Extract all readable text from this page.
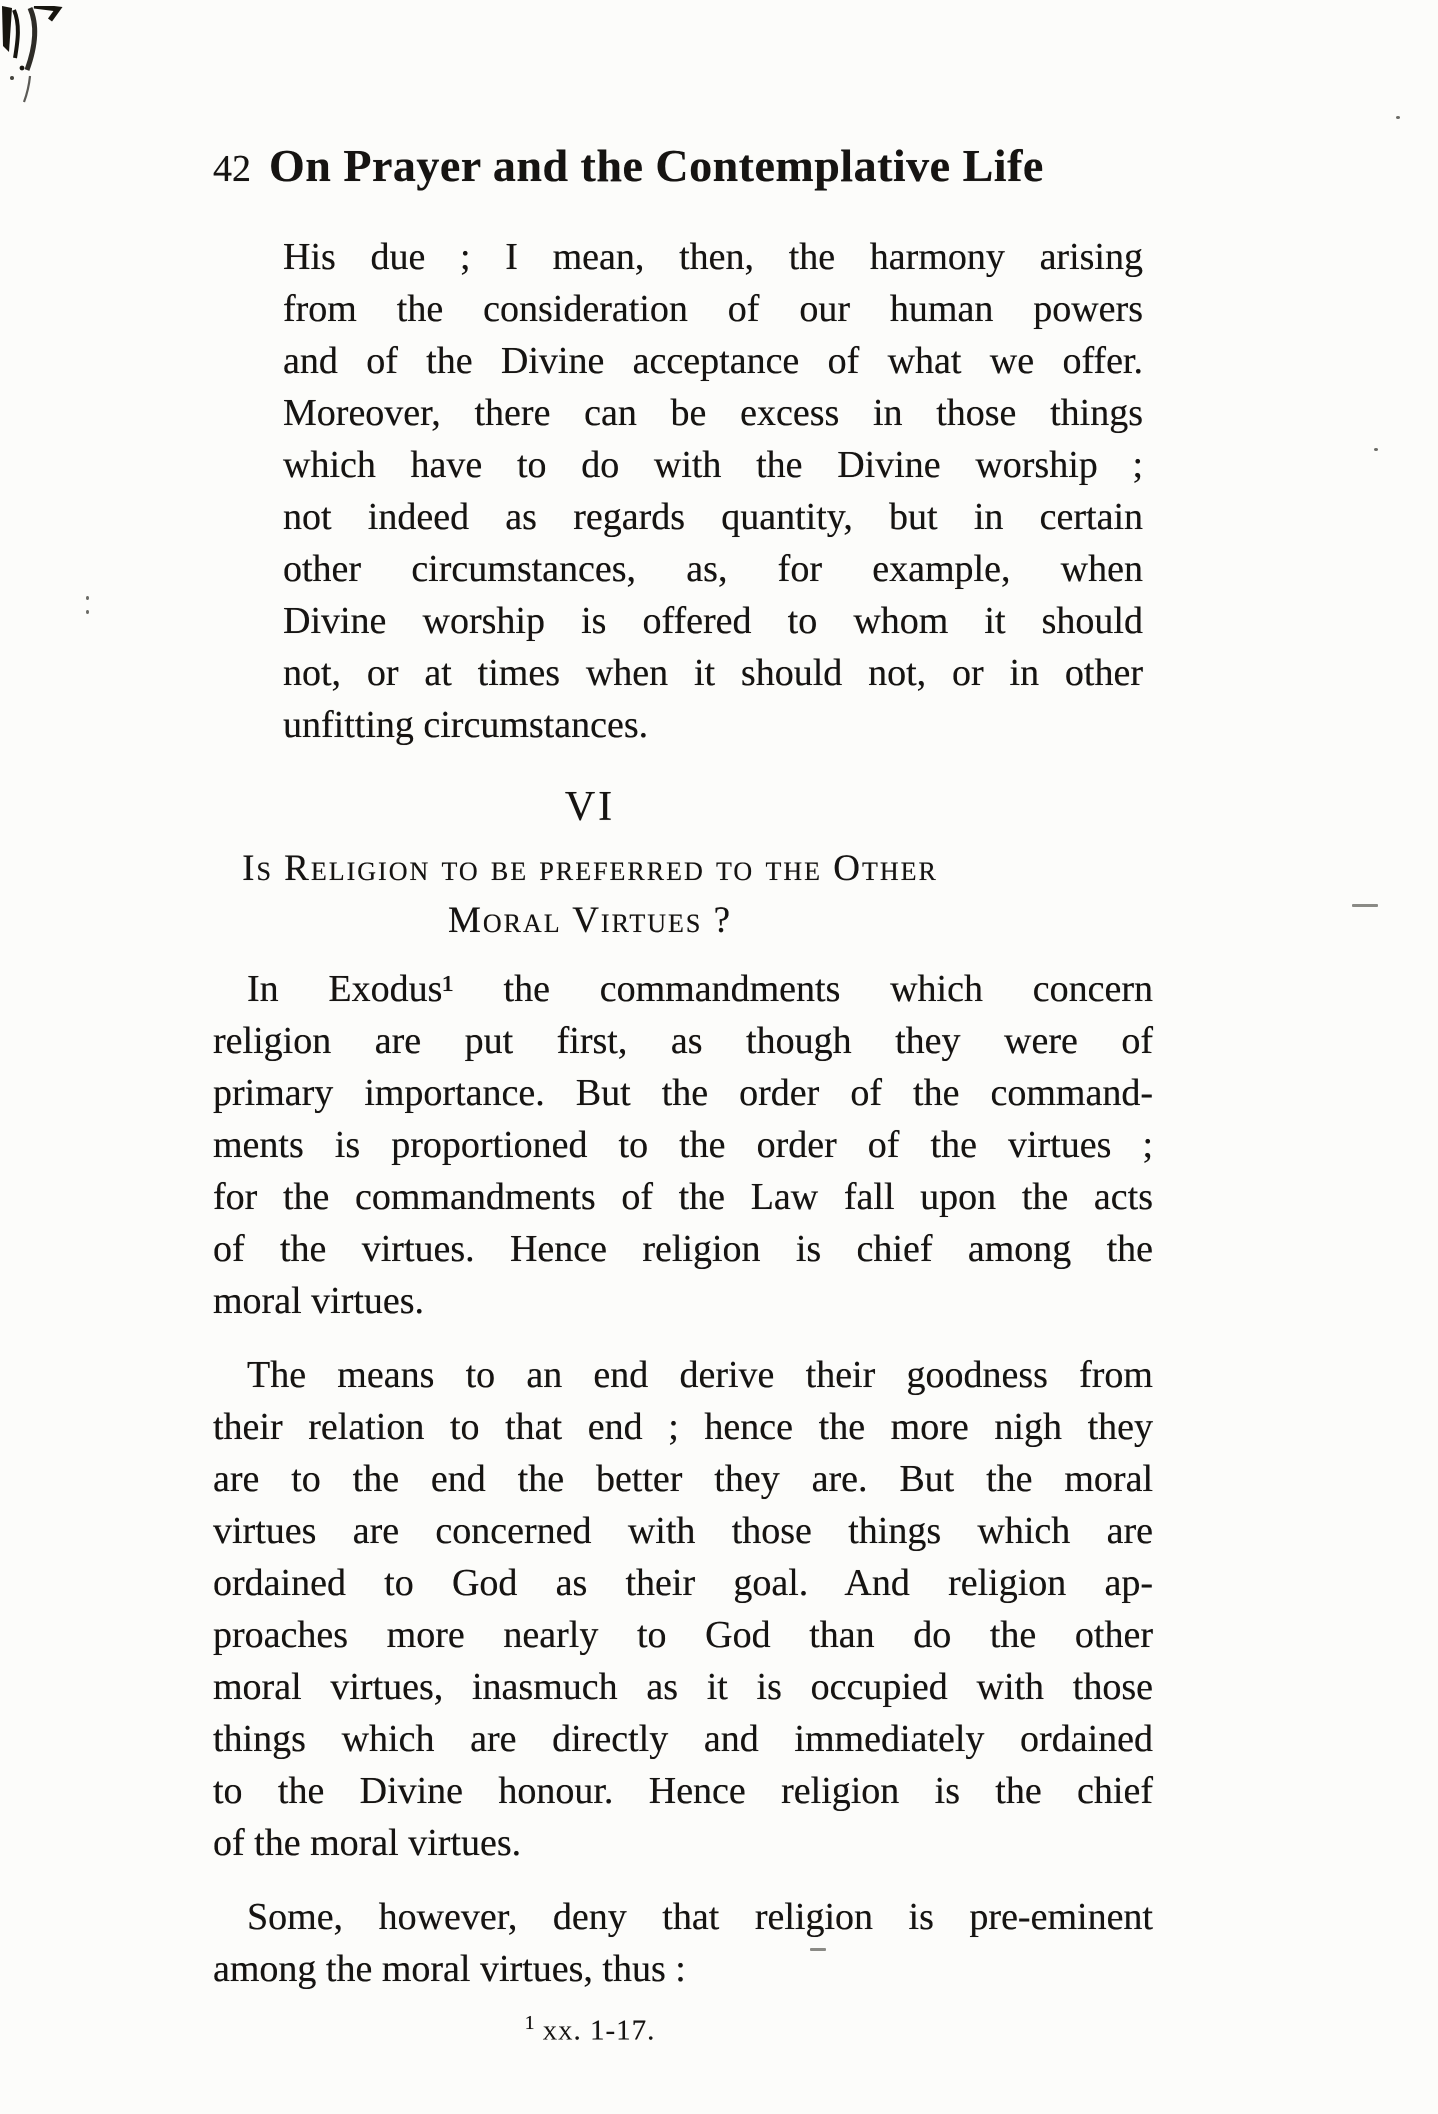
42 On Prayer and the Contemplative Life
His due ; I mean, then, the harmony arising
from the consideration of our human powers
and of the Divine acceptance of what we offer.
Moreover, there can be excess in those things
which have to do with the Divine worship ;
not indeed as regards quantity, but in certain
other circumstances, as, for example, when
Divine worship is offered to whom it should
not, or at times when it should not, or in other
unfitting circumstances.
VI
Is Religion to be preferred to the Other
Moral Virtues ?
In Exodus¹ the commandments which concern
religion are put first, as though they were of
primary importance. But the order of the command-
ments is proportioned to the order of the virtues ;
for the commandments of the Law fall upon the acts
of the virtues. Hence religion is chief among the
moral virtues.
The means to an end derive their goodness from
their relation to that end ; hence the more nigh they
are to the end the better they are. But the moral
virtues are concerned with those things which are
ordained to God as their goal. And religion ap-
proaches more nearly to God than do the other
moral virtues, inasmuch as it is occupied with those
things which are directly and immediately ordained
to the Divine honour. Hence religion is the chief
of the moral virtues.
Some, however, deny that religion is pre-eminent
among the moral virtues, thus :
$^1$ xx. 1-17.
